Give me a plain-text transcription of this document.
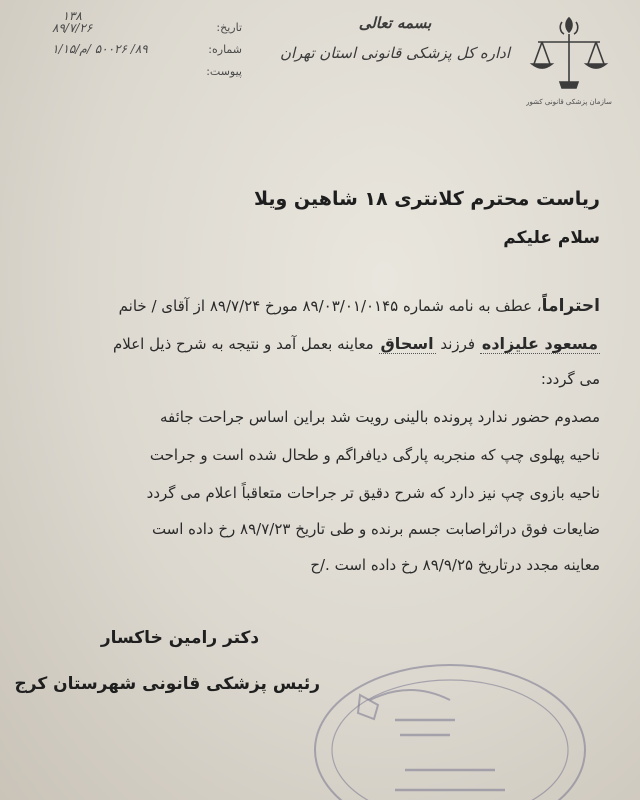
سازمان پزشکی قانونی کشور
بسمه تعالی
اداره کل پزشکی قانونی استان تهران
تاریخ:
۱۳۸
۸۹/۷/۲۶
شماره:
۸۹/ ۵۰۰۲۶ /م/۱/۱۵
پیوست:
ریاست محترم کلانتری ۱۸ شاهین ویلا
سلام علیکم
احتراماً، عطف به نامه شماره ۸۹/۰۳/۰۱/۰۱۴۵ مورخ ۸۹/۷/۲۴ از آقای / خانم
مسعود علیزاده فرزند اسحاق معاینه بعمل آمد و نتیجه به شرح ذیل اعلام
می گردد:
مصدوم حضور ندارد پرونده بالینی رویت شد براین اساس جراحت جائفه
ناحیه پهلوی چپ که منجربه پارگی دیافراگم و طحال شده است و جراحت
ناحیه بازوی چپ نیز دارد که شرح دقیق تر جراحات متعاقباً اعلام می گردد
ضایعات فوق دراثراصابت جسم برنده و طی تاریخ ۸۹/۷/۲۳ رخ داده است
معاینه مجدد درتاریخ ۸۹/۹/۲۵ رخ داده است ./ح
دکتر رامین خاکسار
رئیس پزشکی قانونی شهرستان کرج
